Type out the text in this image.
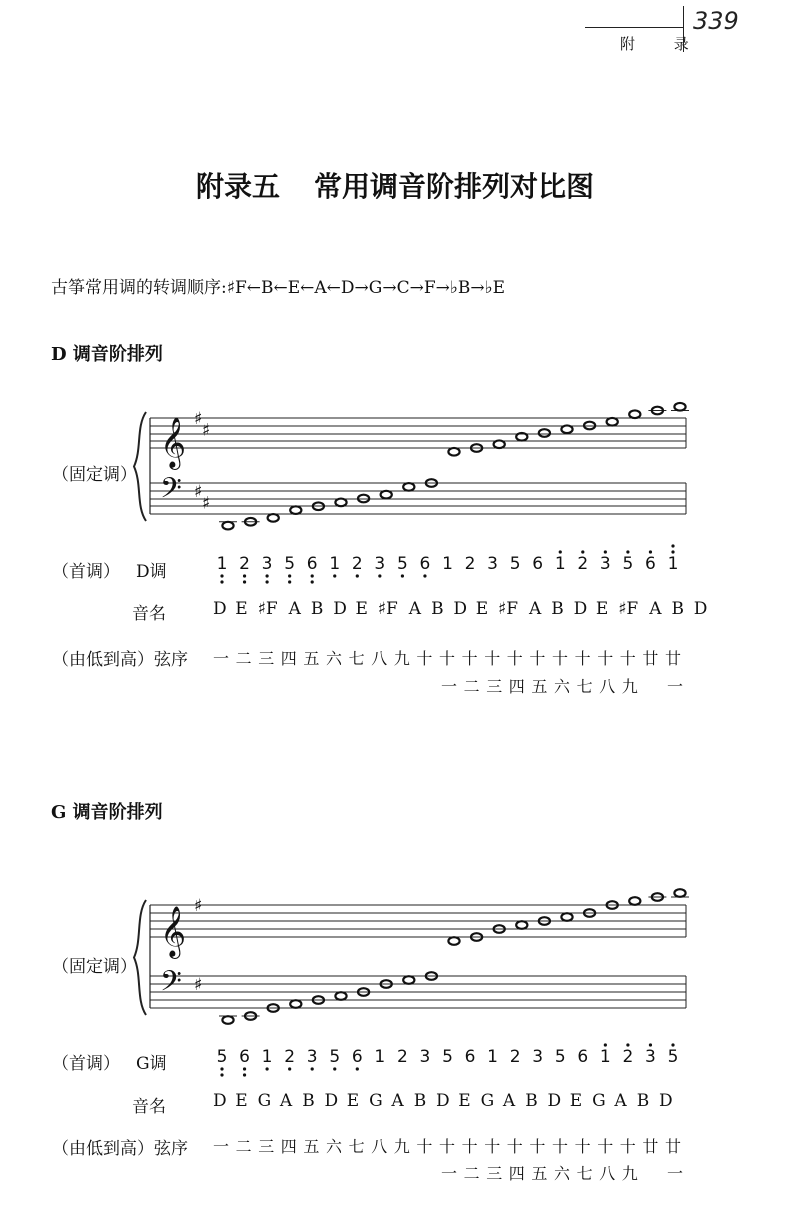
339
附 录
附录五 常用调音阶排列对比图
古筝常用调的转调顺序:♯F←B←E←A←D→G→C→F→♭B→♭E
D 调音阶排列
（固定调）
（首调） D调
音名
（由低到高）弦序
G 调音阶排列
（固定调）
（首调） G调
音名
（由低到高）弦序
𝄞
𝄢
♯
♯
♯
♯
1 2 3 5 6 1 2 3 5 6 1 2 3 5 6 1 2 3 5 6 1
D E ♯F A B D E ♯F A B D E ♯F A B D E ♯F A B D
一 二 三 四 五 六 七 八 九 十 十 十 十 十 十 十 十 十 十 廿 廿
一 二 三 四 五 六 七 八 九 一
𝄞
𝄢
♯
♯
5 6 1 2 3 5 6 1 2 3 5 6 1 2 3 5 6 1 2 3 5
D E G A B D E G A B D E G A B D E G A B D
一 二 三 四 五 六 七 八 九 十 十 十 十 十 十 十 十 十 十 廿 廿
一 二 三 四 五 六 七 八 九 一
